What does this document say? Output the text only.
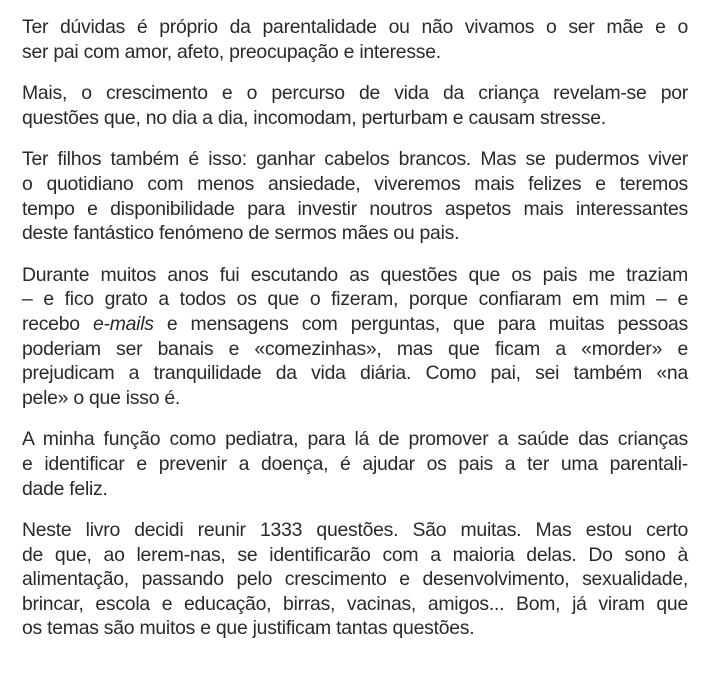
Ter dúvidas é próprio da parentalidade ou não vivamos o ser mãe e o
ser pai com amor, afeto, preocupação e interesse.

Mais, o crescimento e o percurso de vida da criança revelam-se por
questões que, no dia a dia, incomodam, perturbam e causam stresse.

Ter filhos também é isso: ganhar cabelos brancos. Mas se pudermos viver
o quotidiano com menos ansiedade, viveremos mais felizes e teremos
tempo e disponibilidade para investir noutros aspetos mais interessantes
deste fantástico fenómeno de sermos mães ou pais.

Durante muitos anos fui escutando as questões que os pais me traziam
– e fico grato a todos os que o fizeram, porque confiaram em mim – e
recebo e-mails e mensagens com perguntas, que para muitas pessoas
poderiam ser banais e «comezinhas», mas que ficam a «morder» e
prejudicam a tranquilidade da vida diária. Como pai, sei também «na
pele» o que isso é.

A minha função como pediatra, para lá de promover a saúde das crianças
e identificar e prevenir a doença, é ajudar os pais a ter uma parentali-
dade feliz.

Neste livro decidi reunir 1333 questões. São muitas. Mas estou certo
de que, ao lerem-nas, se identificarão com a maioria delas. Do sono à
alimentação, passando pelo crescimento e desenvolvimento, sexualidade,
brincar, escola e educação, birras, vacinas, amigos... Bom, já viram que
os temas são muitos e que justificam tantas questões.
